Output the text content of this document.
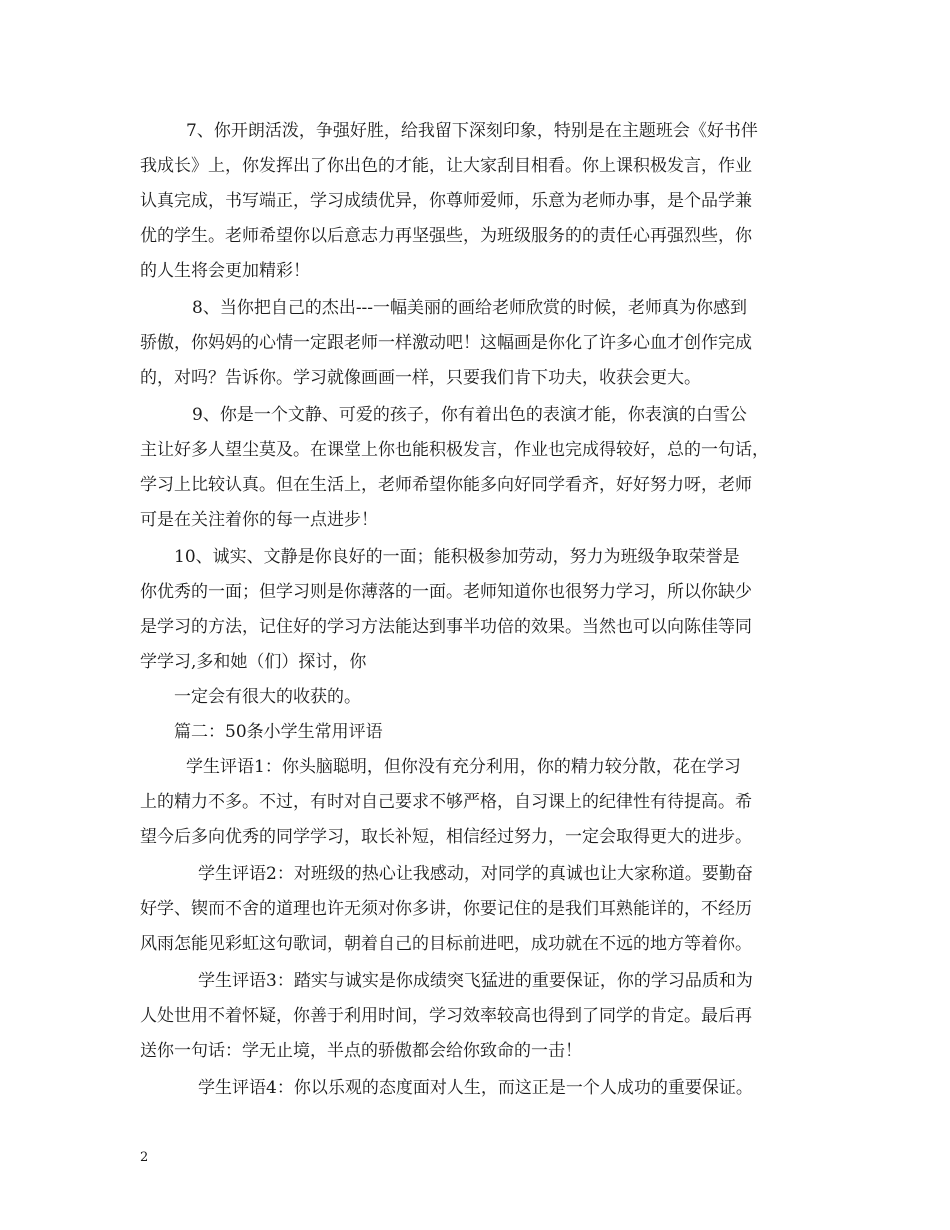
7、你开朗活泼，争强好胜，给我留下深刻印象，特别是在主题班会《好书伴
我成长》上，你发挥出了你出色的才能，让大家刮目相看。你上课积极发言，作业
认真完成，书写端正，学习成绩优异，你尊师爱师，乐意为老师办事，是个品学兼
优的学生。老师希望你以后意志力再坚强些，为班级服务的的责任心再强烈些，你
的人生将会更加精彩！
8、当你把自己的杰出---一幅美丽的画给老师欣赏的时候，老师真为你感到
骄傲，你妈妈的心情一定跟老师一样激动吧！这幅画是你化了许多心血才创作完成
的，对吗？告诉你。学习就像画画一样，只要我们肯下功夫，收获会更大。
9、你是一个文静、可爱的孩子，你有着出色的表演才能，你表演的白雪公
主让好多人望尘莫及。在课堂上你也能积极发言，作业也完成得较好，总的一句话，
学习上比较认真。但在生活上，老师希望你能多向好同学看齐，好好努力呀，老师
可是在关注着你的每一点进步！
10、诚实、文静是你良好的一面；能积极参加劳动，努力为班级争取荣誉是
你优秀的一面；但学习则是你薄落的一面。老师知道你也很努力学习，所以你缺少
是学习的方法，记住好的学习方法能达到事半功倍的效果。当然也可以向陈佳等同
学学习,多和她（们）探讨，你
一定会有很大的收获的。
篇二：50条小学生常用评语
学生评语1：你头脑聪明，但你没有充分利用，你的精力较分散，花在学习
上的精力不多。不过，有时对自己要求不够严格，自习课上的纪律性有待提高。希
望今后多向优秀的同学学习，取长补短，相信经过努力，一定会取得更大的进步。
学生评语2：对班级的热心让我感动，对同学的真诚也让大家称道。要勤奋
好学、锲而不舍的道理也许无须对你多讲，你要记住的是我们耳熟能详的，不经历
风雨怎能见彩虹这句歌词，朝着自己的目标前进吧，成功就在不远的地方等着你。
学生评语3：踏实与诚实是你成绩突飞猛进的重要保证，你的学习品质和为
人处世用不着怀疑，你善于利用时间，学习效率较高也得到了同学的肯定。最后再
送你一句话：学无止境，半点的骄傲都会给你致命的一击！
学生评语4：你以乐观的态度面对人生，而这正是一个人成功的重要保证。
2
